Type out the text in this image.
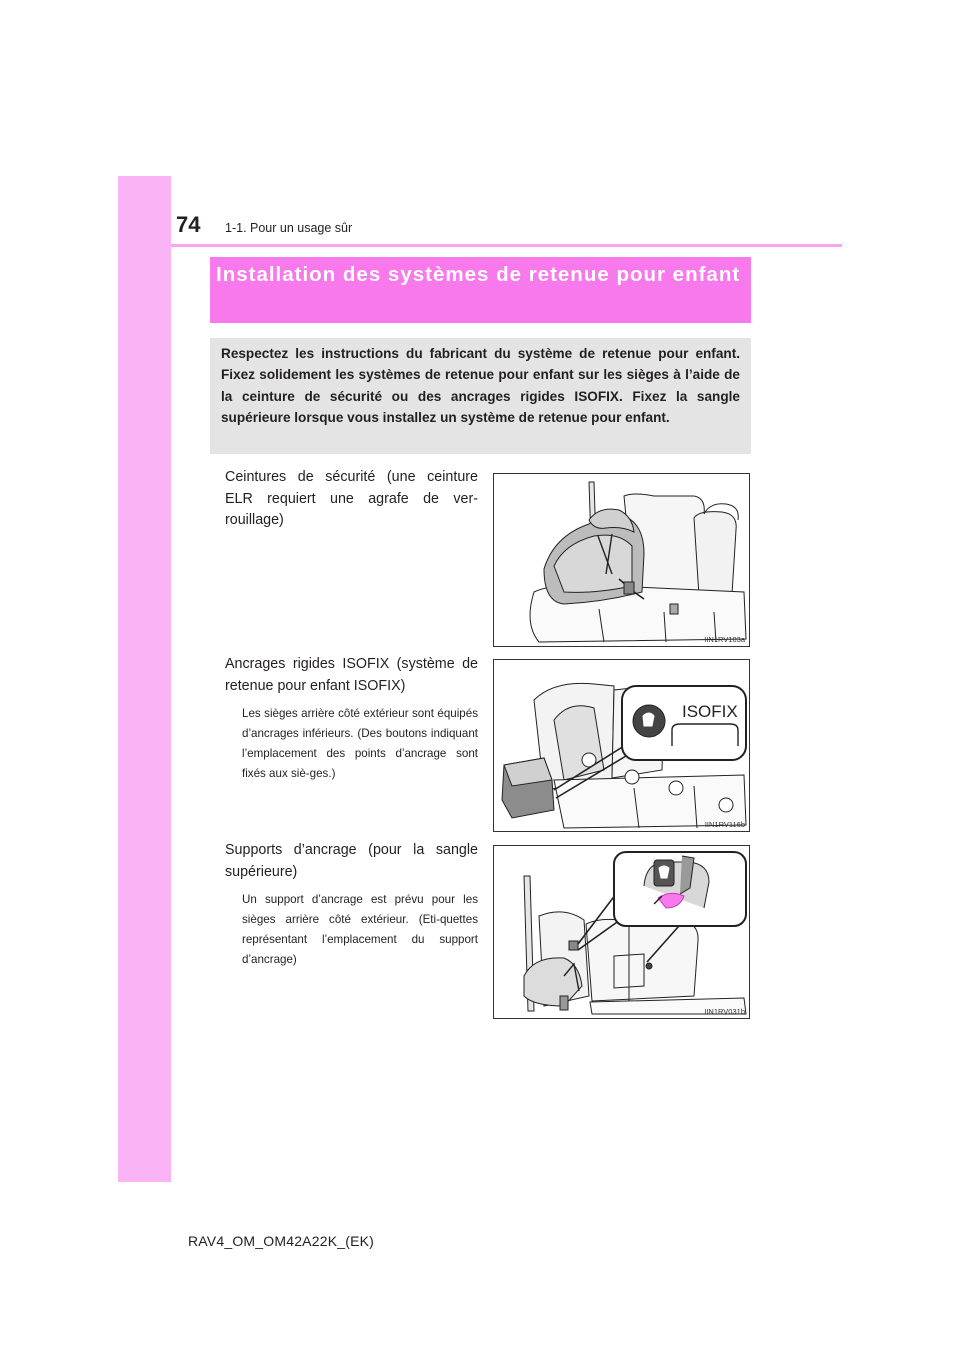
74 1-1. Pour un usage sûr
Installation des systèmes de retenue pour enfant
Respectez les instructions du fabricant du système de retenue pour enfant. Fixez solidement les systèmes de retenue pour enfant sur les sièges à l’aide de la ceinture de sécurité ou des ancrages rigides ISOFIX. Fixez la sangle supérieure lorsque vous installez un système de retenue pour enfant.
Ceintures de sécurité (une ceinture ELR requiert une agrafe de ver-rouillage)
IIN1RV103a
Ancrages rigides ISOFIX (système de retenue pour enfant ISOFIX)
Les sièges arrière côté extérieur sont équipés d’ancrages inférieurs. (Des boutons indiquant l’emplacement des points d’ancrage sont fixés aux siè-ges.)
ISOFIX
IIN1RV116b
Supports d’ancrage (pour la sangle supérieure)
Un support d’ancrage est prévu pour les sièges arrière côté extérieur. (Eti-quettes représentant l’emplacement du support d’ancrage)
IIN1RV031b
RAV4_OM_OM42A22K_(EK)
